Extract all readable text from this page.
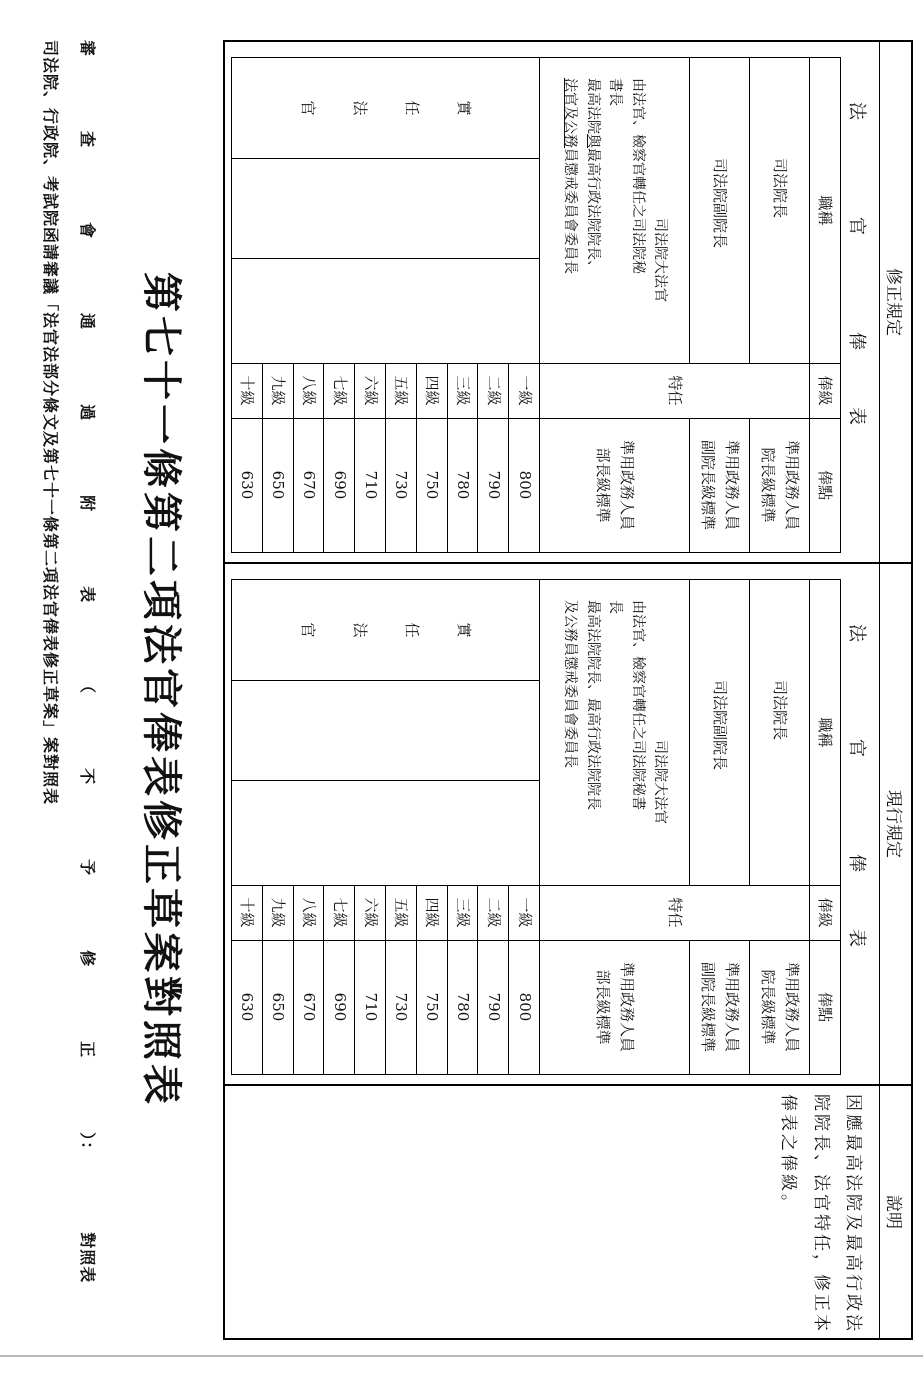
司法院、行政院、考試院函請審議「法官法部分條文及第七十一條第二項法官俸表修正草案」案對照表 審查會通過附表（不予修正）：對照表
第七十一條第二項法官俸表修正草案對照表	修正規定
現行規定
說明
法
官
俸
表
職稱
俸級
俸點
司法院長
準用政務人員
院長級標準
司法院副院長
特任
準用政務人員
副院長級標準
司法院大法官
由法官、檢察官轉任之司法院秘
書長
最高法院與最高行政法院院長、
法官及公務員懲戒委員會委員長
準用政務人員
部長級標準
實
任
法
官
一級
800
二級
790
三級
780
四級
750
五級
730
六級
710
七級
690
八級
670
九級
650
十級
630
法
官
俸
表
職稱
俸級
俸點
司法院長
準用政務人員
院長級標準
司法院副院長
特任
準用政務人員
副院長級標準
司法院大法官
由法官、檢察官轉任之司法院秘書
長
最高法院院長、最高行政法院院長
及公務員懲戒委員會委員長
準用政務人員
部長級標準
實
任
法
官
一級
800
二級
790
三級
780
四級
750
五級
730
六級
710
七級
690
八級
670
九級
650
十級
630
因應最高法院及最高行政法院院長、法官特任，修正本俸表之俸級。
